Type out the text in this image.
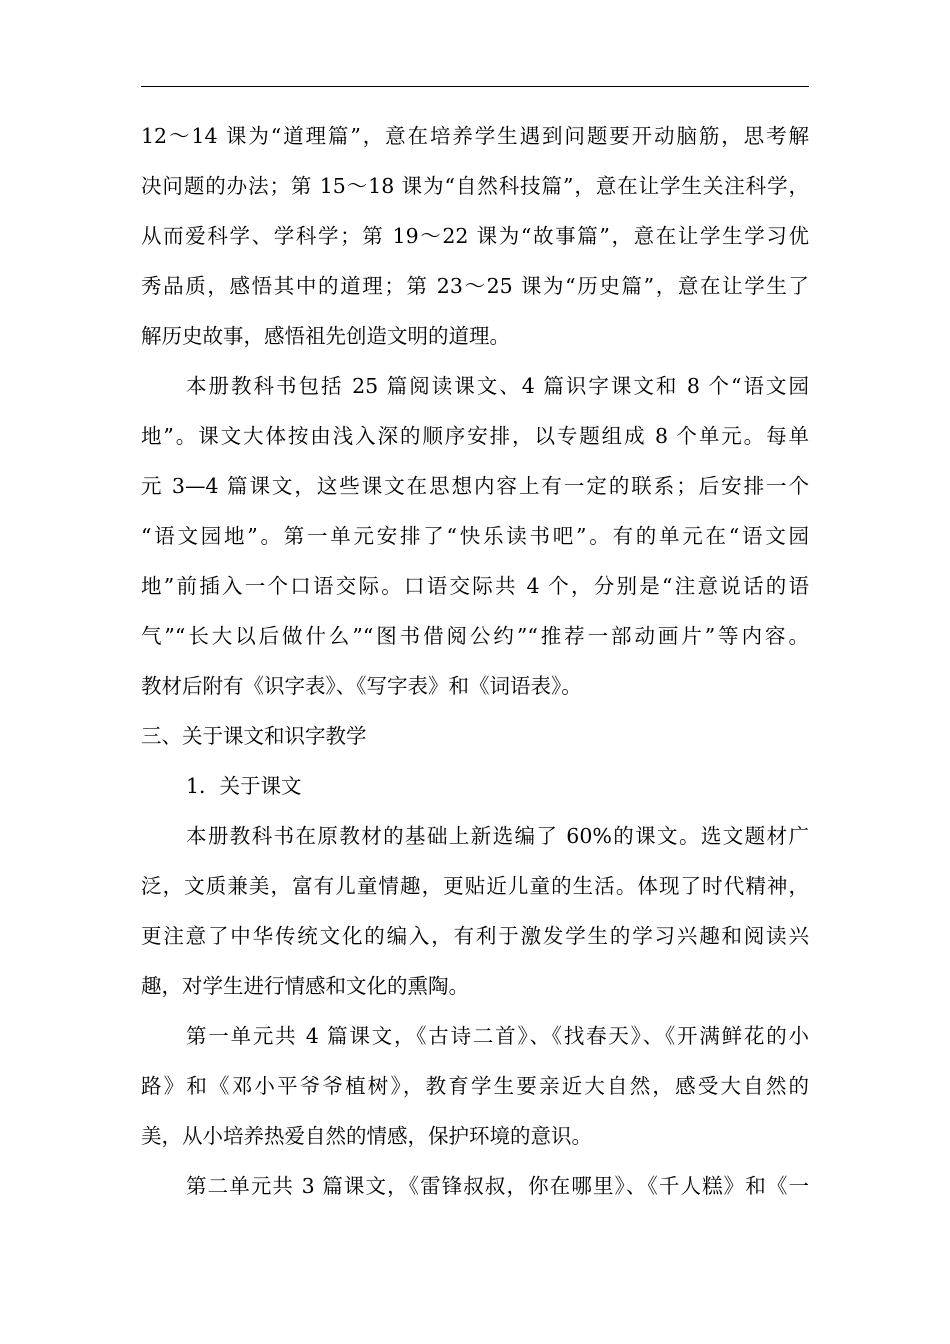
12～14 课为“道理篇”，意在培养学生遇到问题要开动脑筋，思考解
决问题的办法；第 15～18 课为“自然科技篇”，意在让学生关注科学，
从而爱科学、学科学；第 19～22 课为“故事篇”，意在让学生学习优
秀品质，感悟其中的道理；第 23～25 课为“历史篇”，意在让学生了
解历史故事，感悟祖先创造文明的道理。
本册教科书包括 25 篇阅读课文、4 篇识字课文和 8 个“语文园
地”。课文大体按由浅入深的顺序安排，以专题组成 8 个单元。每单
元 3—4 篇课文，这些课文在思想内容上有一定的联系；后安排一个
“语文园地”。第一单元安排了“快乐读书吧”。有的单元在“语文园
地”前插入一个口语交际。口语交际共 4 个，分别是“注意说话的语
气”“长大以后做什么”“图书借阅公约”“推荐一部动画片”等内容。
教材后附有《识字表》、《写字表》和《词语表》。
三、关于课文和识字教学
1．关于课文
本册教科书在原教材的基础上新选编了 60%的课文。选文题材广
泛，文质兼美，富有儿童情趣，更贴近儿童的生活。体现了时代精神，
更注意了中华传统文化的编入，有利于激发学生的学习兴趣和阅读兴
趣，对学生进行情感和文化的熏陶。
第一单元共 4 篇课文，《古诗二首》、《找春天》、《开满鲜花的小
路》和《邓小平爷爷植树》，教育学生要亲近大自然，感受大自然的
美，从小培养热爱自然的情感，保护环境的意识。
第二单元共 3 篇课文，《雷锋叔叔，你在哪里》、《千人糕》和《一
